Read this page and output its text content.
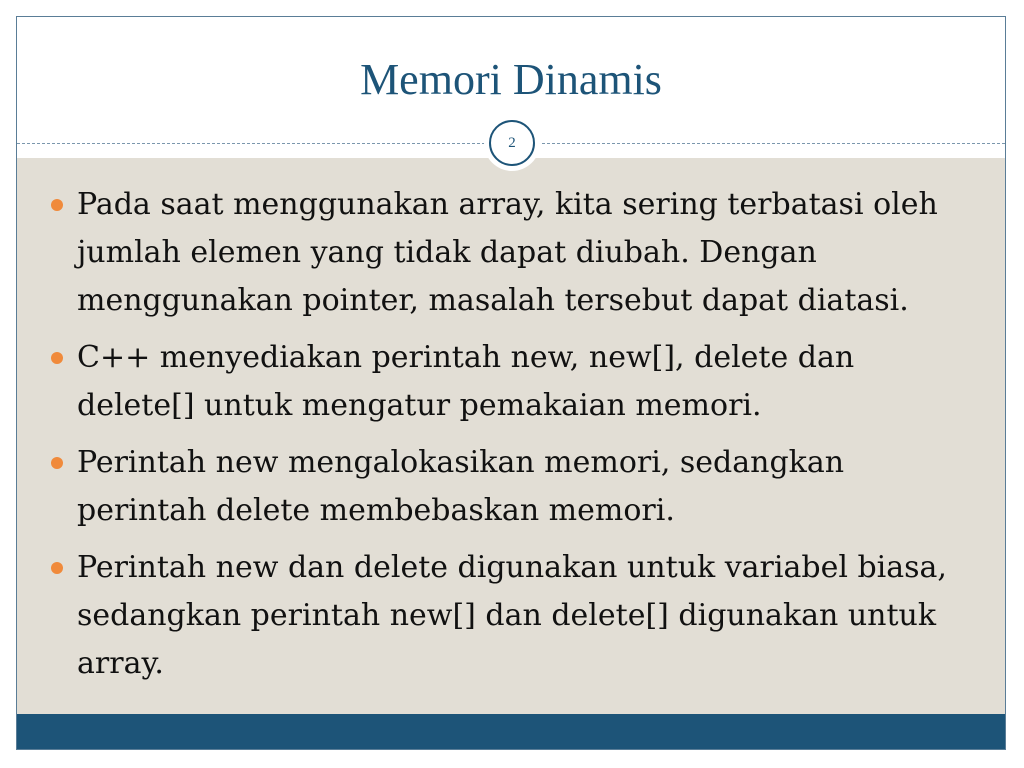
Memori Dinamis
2
Pada saat menggunakan array, kita sering terbatasi oleh jumlah elemen yang tidak dapat diubah. Dengan menggunakan pointer, masalah tersebut dapat diatasi.
C++ menyediakan perintah new, new[], delete dan delete[] untuk mengatur pemakaian memori.
Perintah new mengalokasikan memori, sedangkan perintah delete membebaskan memori.
Perintah new dan delete digunakan untuk variabel biasa, sedangkan perintah new[] dan delete[] digunakan untuk array.
